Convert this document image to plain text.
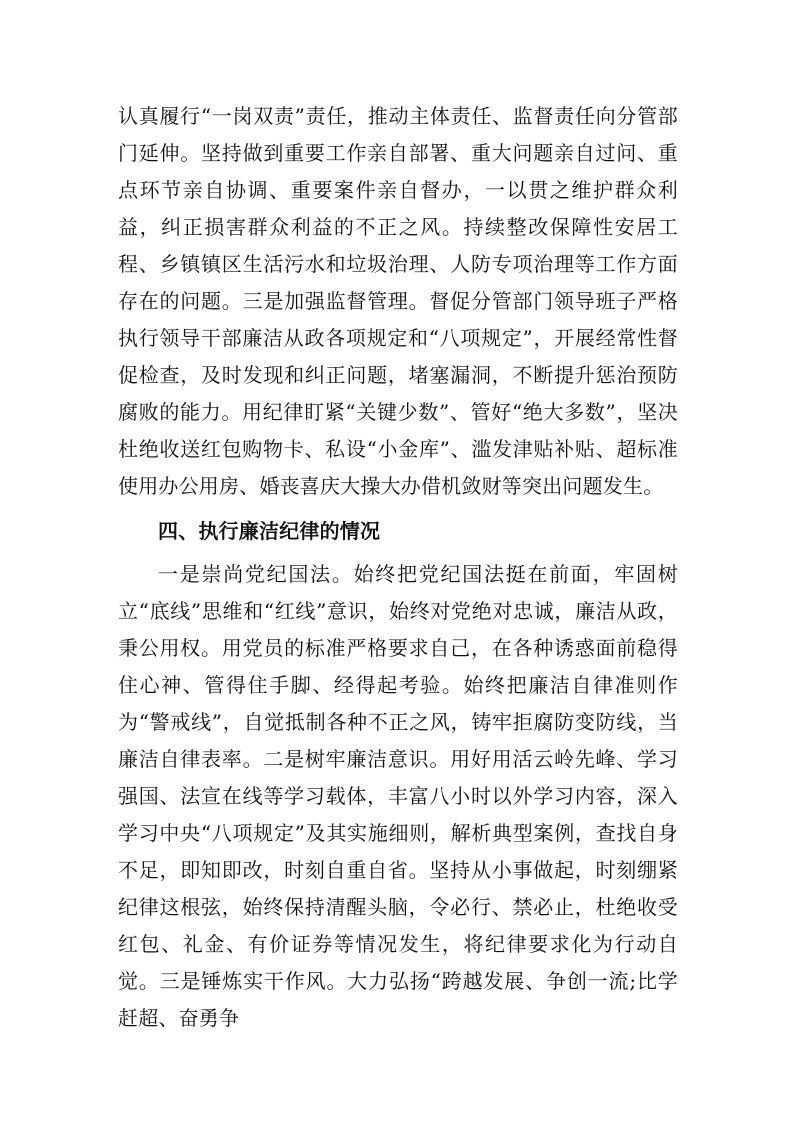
认真履行“一岗双责”责任，推动主体责任、监督责任向分管部门延伸。坚持做到重要工作亲自部署、重大问题亲自过问、重点环节亲自协调、重要案件亲自督办，一以贯之维护群众利益，纠正损害群众利益的不正之风。持续整改保障性安居工程、乡镇镇区生活污水和垃圾治理、人防专项治理等工作方面存在的问题。三是加强监督管理。督促分管部门领导班子严格执行领导干部廉洁从政各项规定和“八项规定”，开展经常性督促检查，及时发现和纠正问题，堵塞漏洞，不断提升惩治预防腐败的能力。用纪律盯紧“关键少数”、管好“绝大多数”，坚决杜绝收送红包购物卡、私设“小金库”、滥发津贴补贴、超标准使用办公用房、婚丧喜庆大操大办借机敛财等突出问题发生。

四、执行廉洁纪律的情况

一是崇尚党纪国法。始终把党纪国法挺在前面，牢固树立“底线”思维和“红线”意识，始终对党绝对忠诚，廉洁从政，秉公用权。用党员的标准严格要求自己，在各种诱惑面前稳得住心神、管得住手脚、经得起考验。始终把廉洁自律准则作为“警戒线”，自觉抵制各种不正之风，铸牢拒腐防变防线，当廉洁自律表率。二是树牢廉洁意识。用好用活云岭先峰、学习强国、法宣在线等学习载体，丰富八小时以外学习内容，深入学习中央“八项规定”及其实施细则，解析典型案例，查找自身不足，即知即改，时刻自重自省。坚持从小事做起，时刻绷紧纪律这根弦，始终保持清醒头脑，令必行、禁必止，杜绝收受红包、礼金、有价证券等情况发生，将纪律要求化为行动自觉。三是锤炼实干作风。大力弘扬“跨越发展、争创一流;比学赶超、奋勇争
